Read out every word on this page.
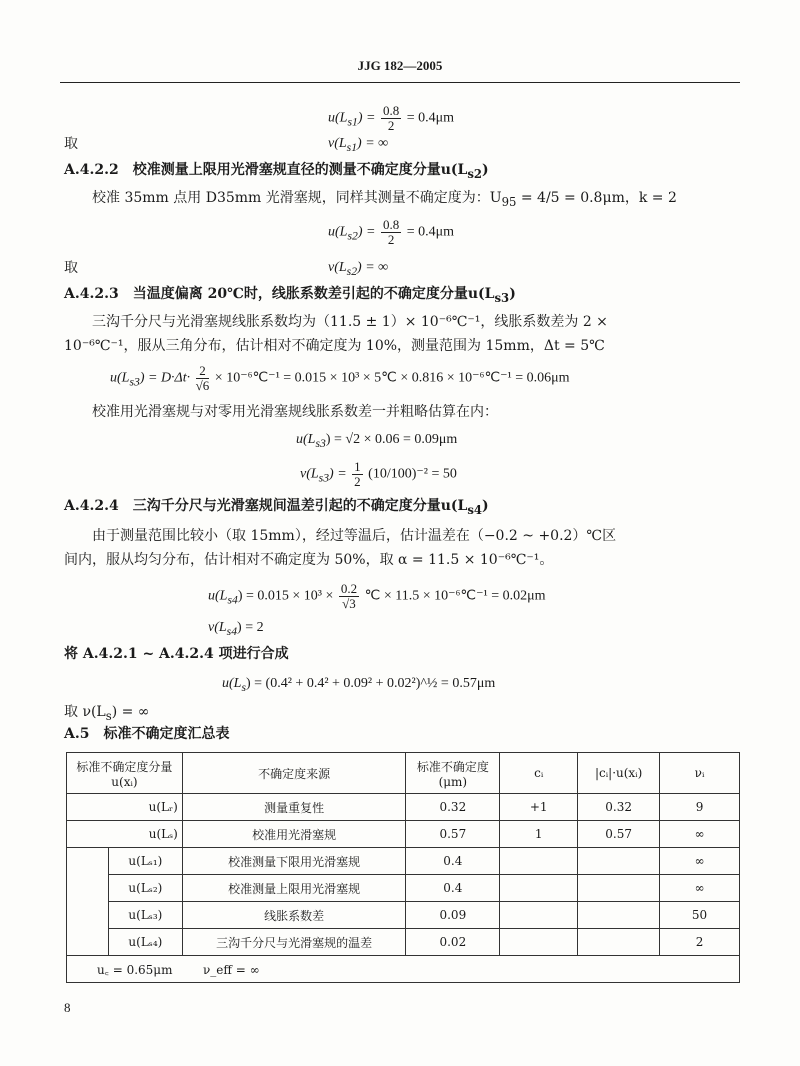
JJG 182—2005
$u(L_{s1}) = \frac{0.8}{2} = 0.4\mu m$
取	$\nu(L_{s1})$ = ∞
A.4.2.2　校准测量上限用光滑塞规直径的测量不确定度分量$u(L_{s2})$
校准 35mm 点用 D35mm 光滑塞规，同样其测量不确定度为：$U_{95} = 4/5 = 0.8\mu m$，k = 2
$u(L_{s2}) = \frac{0.8}{2} = 0.4\mu m$
取	$\nu(L_{s2})$ = ∞
A.4.2.3　当温度偏离 20℃时，线胀系数差引起的不确定度分量$u(L_{s3})$
三沟千分尺与光滑塞规线胀系数均为（11.5 ± 1）× 10⁻⁶℃⁻¹，线胀系数差为 2 ×
10⁻⁶℃⁻¹，服从三角分布，估计相对不确定度为 10%，测量范围为 15mm，Δt = 5℃
$u(L_{s3}) = D\cdot\Delta t\cdot \frac{2}{√6}$ × 10⁻⁶℃⁻¹ = 0.015 × 10³ × 5℃ × 0.816 × 10⁻⁶℃⁻¹ = 0.06μm
校准用光滑塞规与对零用光滑塞规线胀系数差一并粗略估算在内：
$u(L_{s3}) = √2 \times 0.06 = 0.09\mu m$
$\nu(L_{s3}) = \frac{1}{2} (10/100)^{-2} = 50$
A.4.2.4　三沟千分尺与光滑塞规间温差引起的不确定度分量$u(L_{s4})$
由于测量范围比较小（取 15mm），经过等温后，估计温差在（−0.2 ~ +0.2）℃区
间内，服从均匀分布，估计相对不确定度为 50%，取 α = 11.5 × 10⁻⁶℃⁻¹。
$u(L_{s4}) = 0.015 \times 10^3 \times \frac{0.2}{√3}$ ℃ × 11.5 × 10⁻⁶℃⁻¹ = 0.02μm
$\nu(L_{s4}) = 2$
将 A.4.2.1 ~ A.4.2.4 项进行合成
$u(L_s) = (0.4^2 + 0.4^2 + 0.09^2$ + 0.02²)^½ = 0.57μm
取 $\nu(L_s)$ = ∞
A.5　标准不确定度汇总表
标准不确定度分量 u(xᵢ)		不确定度来源	标准不确定度(μm)	cᵢ	|cᵢ|·u(xᵢ)	νᵢ
u(Lᵣ)		测量重复性	0.32	+1	0.32	9
u(Lₛ)		校准用光滑塞规	0.57	1	0.57	∞
	u(Lₛ₁)	校准测量下限用光滑塞规	0.4			∞
	u(Lₛ₂)	校准测量上限用光滑塞规	0.4			∞
	u(Lₛ₃)	线胀系数差	0.09			50
	u(Lₛ₄)	三沟千分尺与光滑塞规的温差	0.02			2
u꜀ = 0.65μm ν_eff = ∞						
8
